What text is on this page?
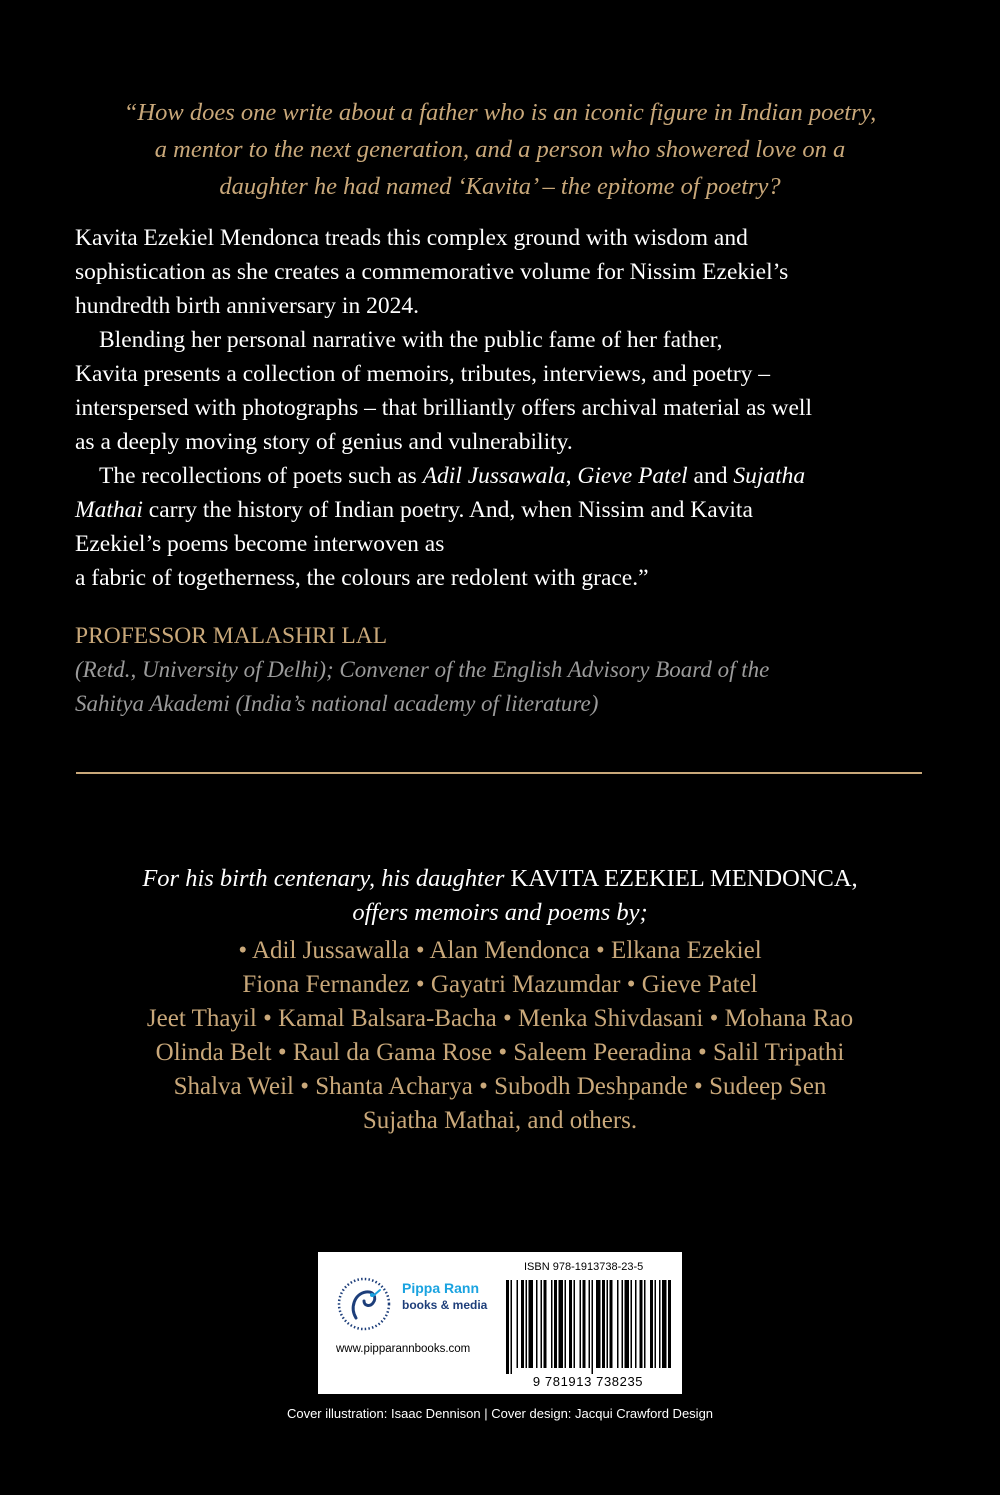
“How does one write about a father who is an iconic figure in Indian poetry,
a mentor to the next generation, and a person who showered love on a
daughter he had named ‘Kavita’ – the epitome of poetry?
Kavita Ezekiel Mendonca treads this complex ground with wisdom and
sophistication as she creates a commemorative volume for Nissim Ezekiel’s
hundredth birth anniversary in 2024.
Blending her personal narrative with the public fame of her father,
Kavita presents a collection of memoirs, tributes, interviews, and poetry –
interspersed with photographs – that brilliantly offers archival material as well
as a deeply moving story of genius and vulnerability.
The recollections of poets such as Adil Jussawala, Gieve Patel and Sujatha
Mathai carry the history of Indian poetry. And, when Nissim and Kavita
Ezekiel’s poems become interwoven as
a fabric of togetherness, the colours are redolent with grace.”
PROFESSOR MALASHRI LAL
(Retd., University of Delhi); Convener of the English Advisory Board of the
Sahitya Akademi (India’s national academy of literature)
For his birth centenary, his daughter KAVITA EZEKIEL MENDONCA,
offers memoirs and poems by;
• Adil Jussawalla • Alan Mendonca • Elkana Ezekiel
Fiona Fernandez • Gayatri Mazumdar • Gieve Patel
Jeet Thayil • Kamal Balsara-Bacha • Menka Shivdasani • Mohana Rao
Olinda Belt • Raul da Gama Rose • Saleem Peeradina • Salil Tripathi
Shalva Weil • Shanta Acharya • Subodh Deshpande • Sudeep Sen
Sujatha Mathai, and others.
Pippa Rann
books & media
www.pipparannbooks.com
ISBN 978-1913738-23-5
9 781913 738235
Cover illustration: Isaac Dennison | Cover design: Jacqui Crawford Design
